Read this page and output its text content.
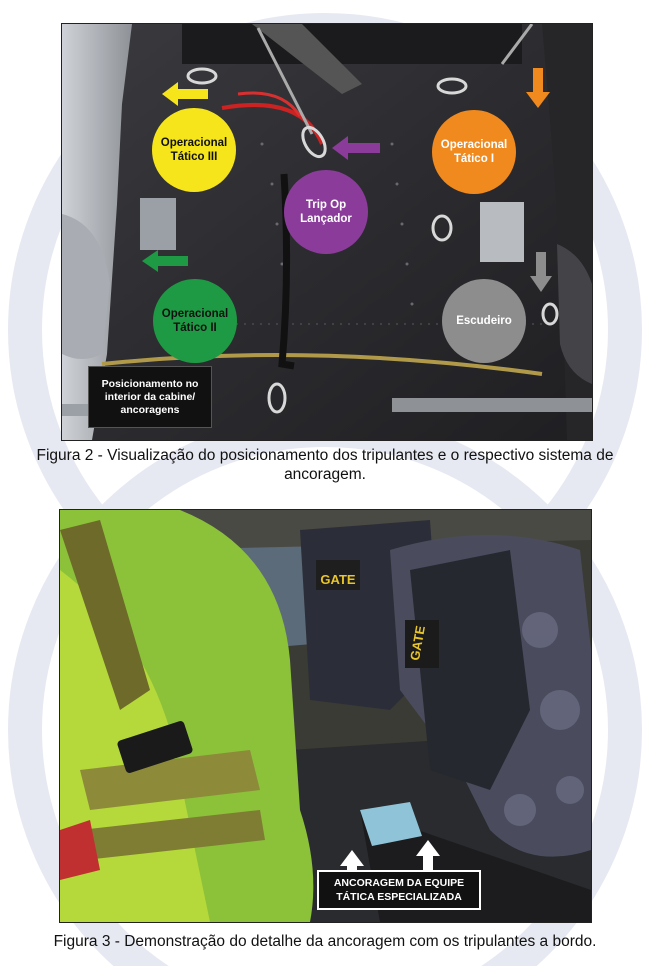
Operacional Tático III
Operacional Tático I
Trip Op Lançador
Operacional Tático II
Escudeiro
Posicionamento no interior da cabine/ ancoragens
Figura 2 - Visualização do posicionamento dos tripulantes e o respectivo sistema de ancoragem.
GATE
GATE
ANCORAGEM DA EQUIPE TÁTICA ESPECIALIZADA
Figura 3 - Demonstração do detalhe da ancoragem com os tripulantes a bordo.
